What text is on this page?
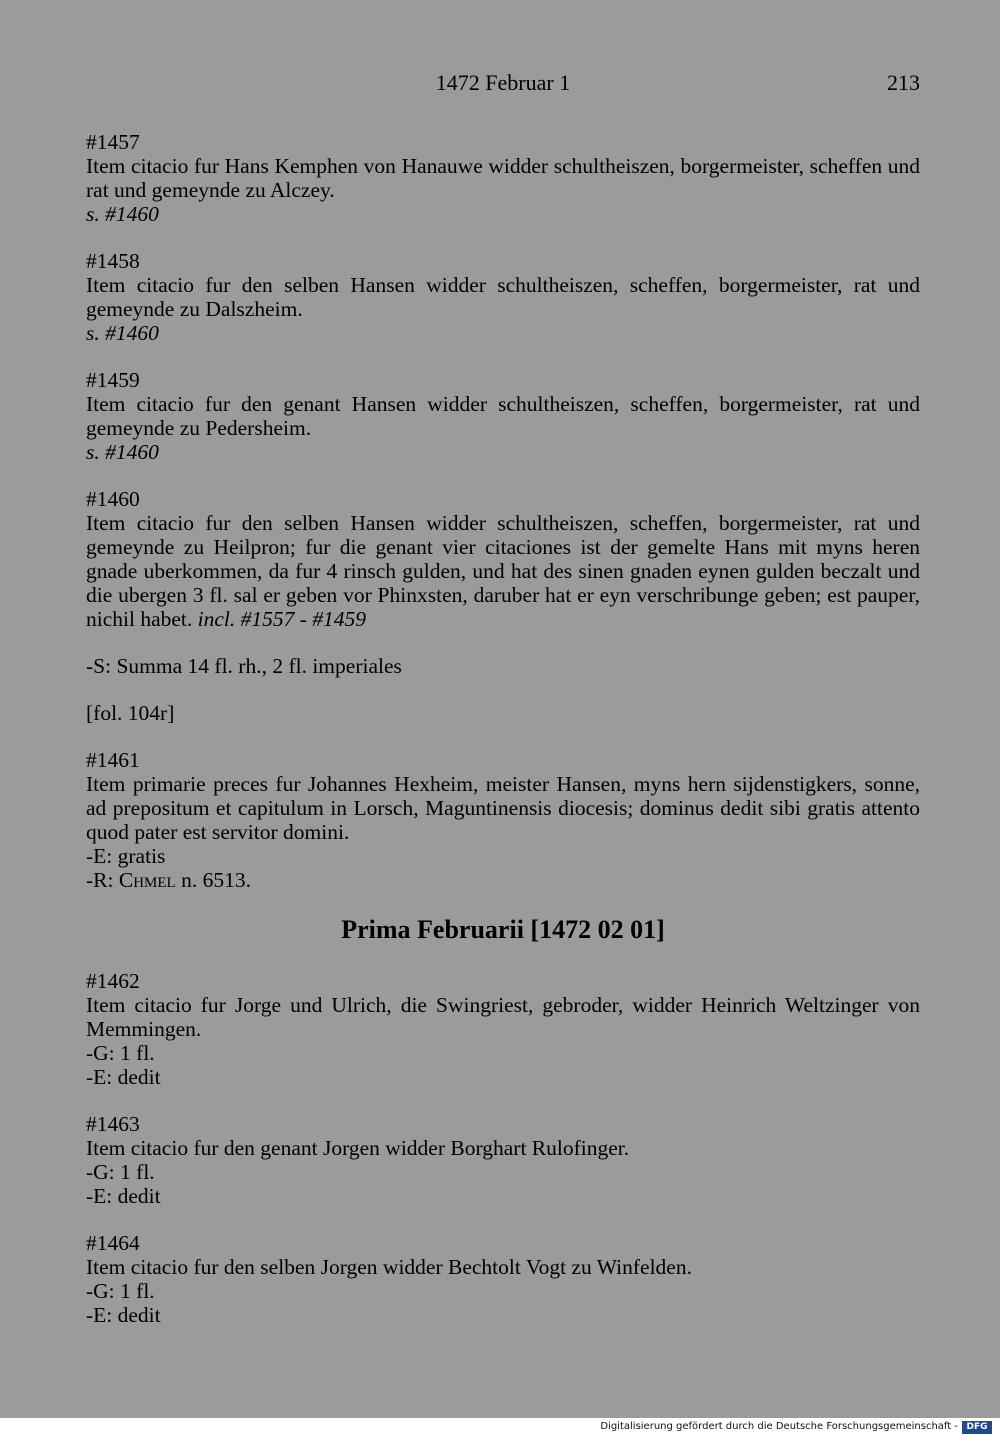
1472 Februar 1	213
#1457
Item citacio fur Hans Kemphen von Hanauwe widder schultheiszen, borgermeister, scheffen und rat und gemeynde zu Alczey.
s. #1460
#1458
Item citacio fur den selben Hansen widder schultheiszen, scheffen, borgermeister, rat und gemeynde zu Dalszheim.
s. #1460
#1459
Item citacio fur den genant Hansen widder schultheiszen, scheffen, borgermeister, rat und gemeynde zu Pedersheim.
s. #1460
#1460
Item citacio fur den selben Hansen widder schultheiszen, scheffen, borgermeister, rat und gemeynde zu Heilpron; fur die genant vier citaciones ist der gemelte Hans mit myns heren gnade uberkommen, da fur 4 rinsch gulden, und hat des sinen gnaden eynen gulden beczalt und die ubergen 3 fl. sal er geben vor Phinxsten, daruber hat er eyn verschribunge geben; est pauper, nichil habet. incl. #1557 - #1459
-S: Summa 14 fl. rh., 2 fl. imperiales
[fol. 104r]
#1461
Item primarie preces fur Johannes Hexheim, meister Hansen, myns hern sijdenstigkers, sonne, ad prepositum et capitulum in Lorsch, Maguntinensis diocesis; dominus dedit sibi gratis attento quod pater est servitor domini.
-E: gratis
-R: Chmel n. 6513.
Prima Februarii [1472 02 01]
#1462
Item citacio fur Jorge und Ulrich, die Swingriest, gebroder, widder Heinrich Weltzinger von Memmingen.
-G: 1 fl.
-E: dedit
#1463
Item citacio fur den genant Jorgen widder Borghart Rulofinger.
-G: 1 fl.
-E: dedit
#1464
Item citacio fur den selben Jorgen widder Bechtolt Vogt zu Winfelden.
-G: 1 fl.
-E: dedit
Digitalisierung gefördert durch die Deutsche Forschungsgemeinschaft - DFG
